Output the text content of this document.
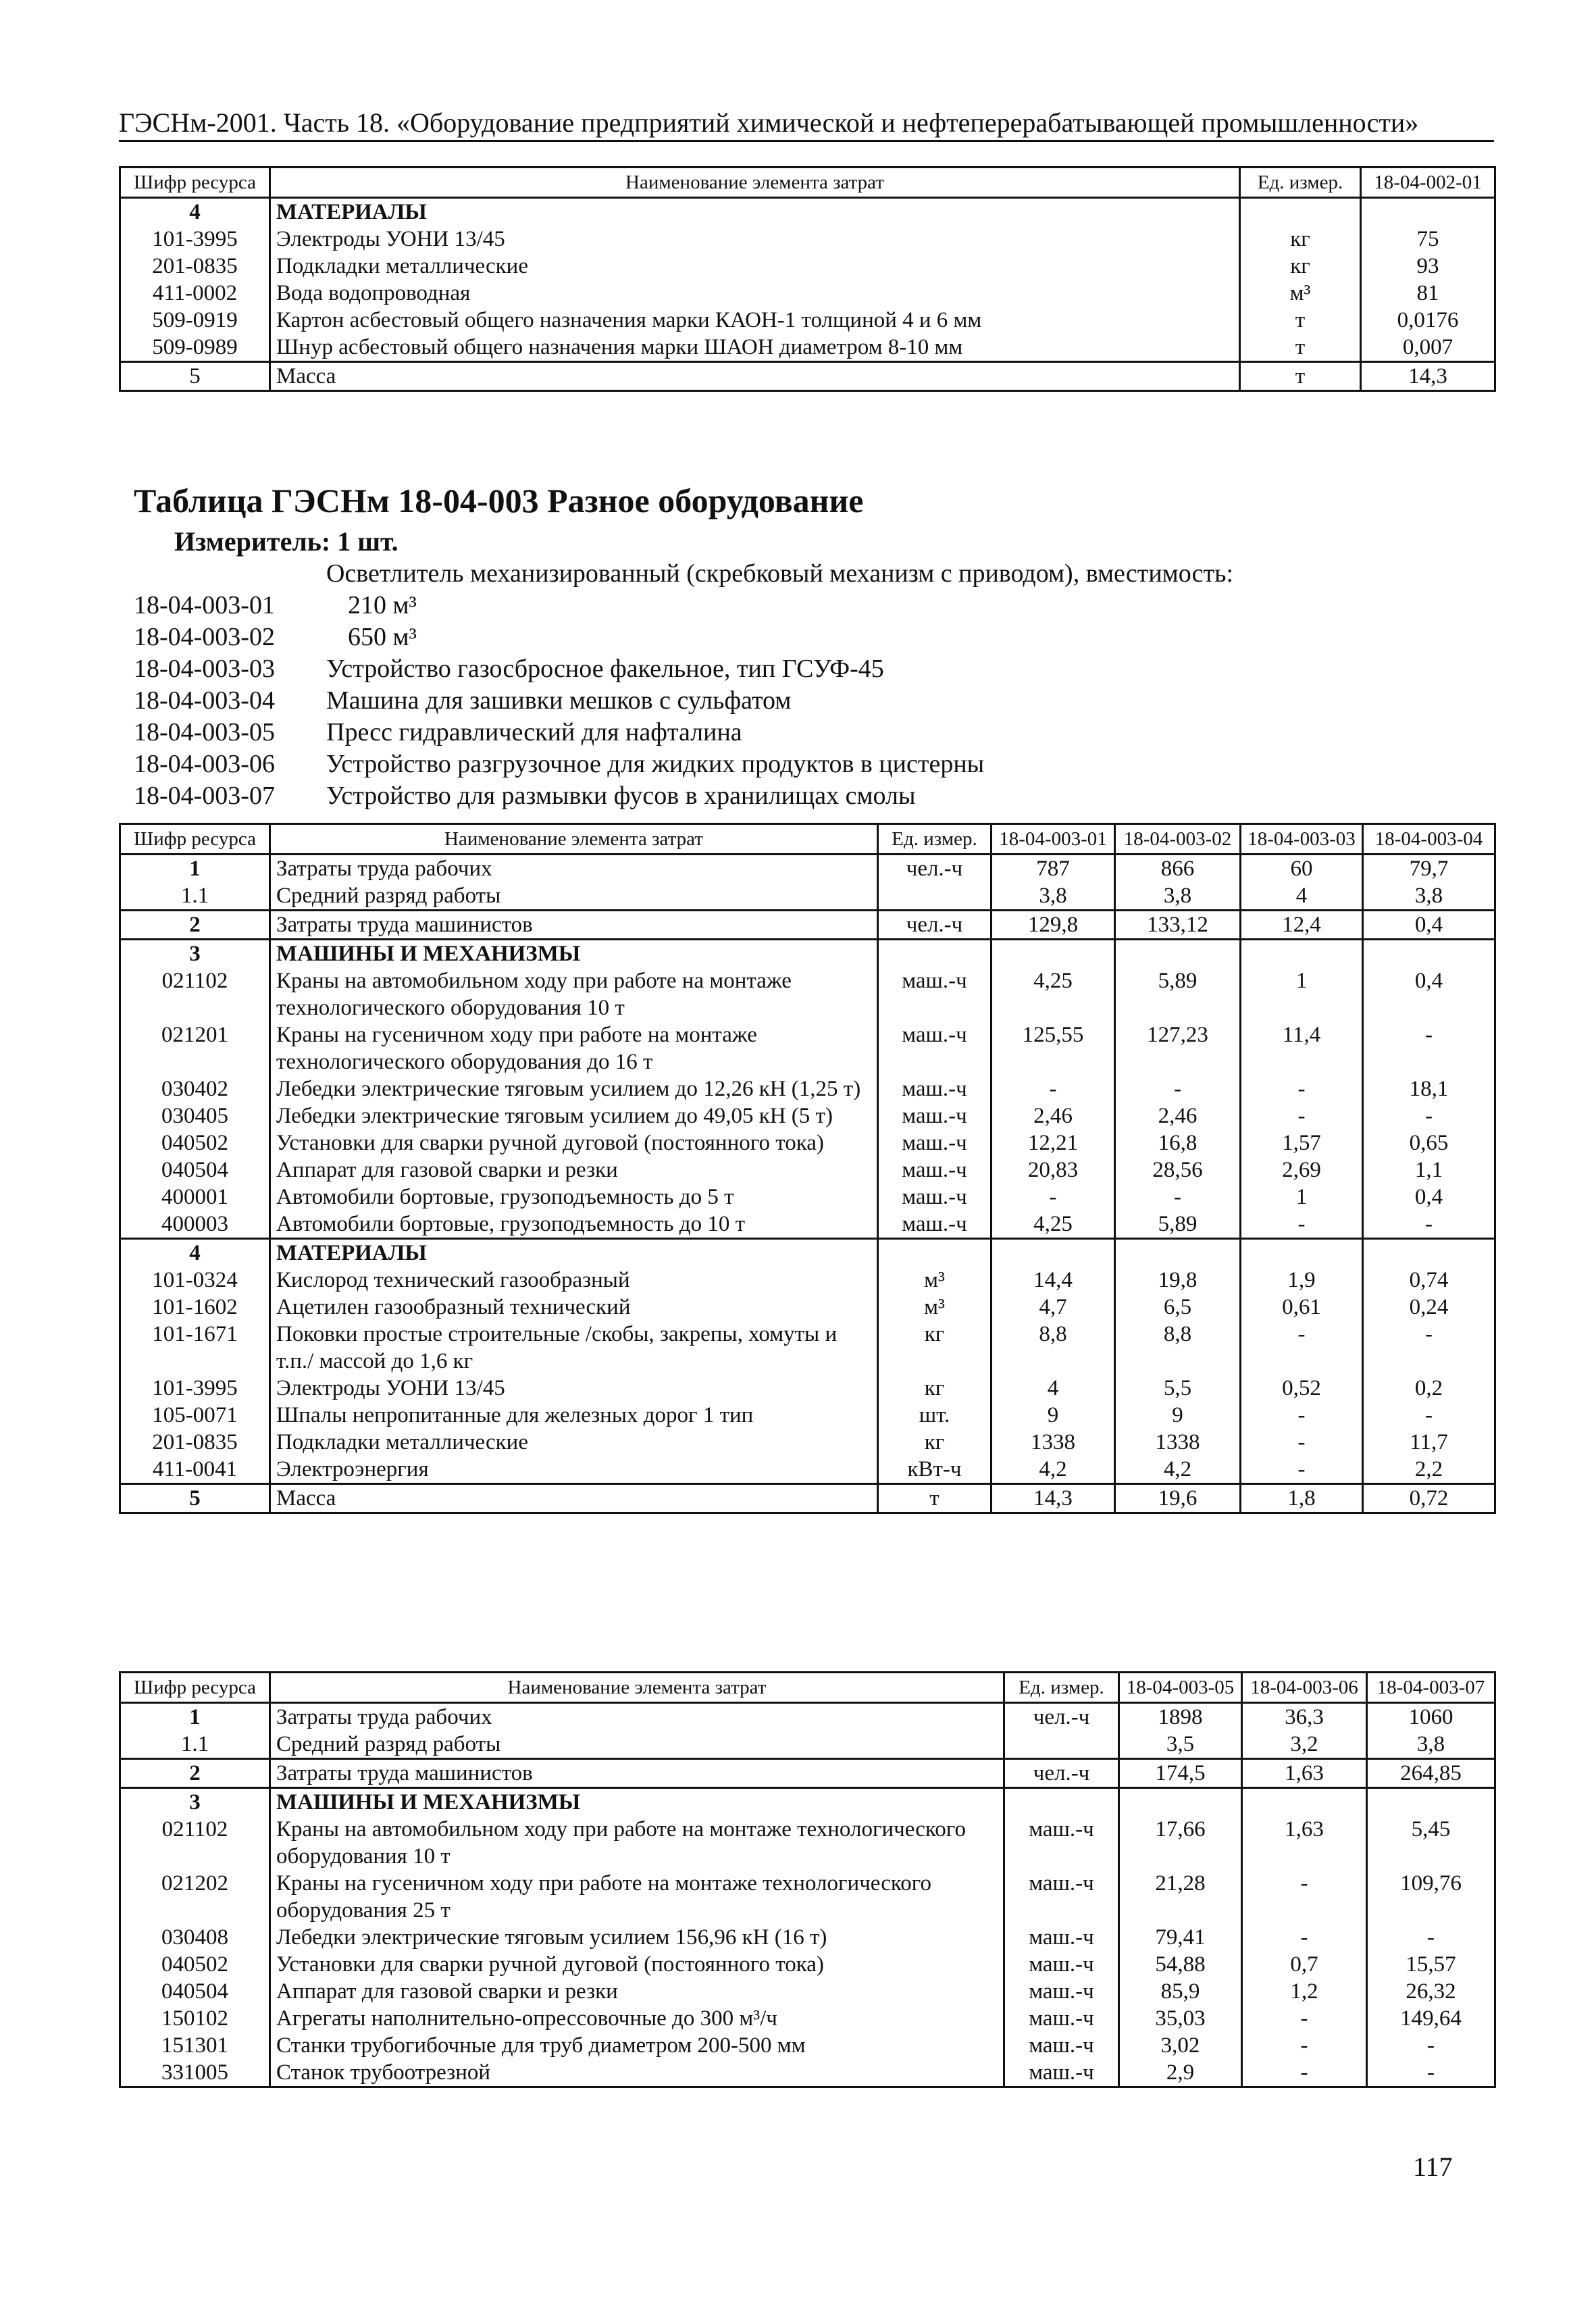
ГЭСНм-2001. Часть 18. «Оборудование предприятий химической и нефтеперерабатывающей промышленности»
Шифр ресурса	Наименование элемента затрат	Ед. измер.	18-04-002-01
4	МАТЕРИАЛЫ		
101-3995	Электроды УОНИ 13/45	кг	75
201-0835	Подкладки металлические	кг	93
411-0002	Вода водопроводная	м³	81
509-0919	Картон асбестовый общего назначения марки КАОН-1 толщиной 4 и 6 мм	т	0,0176
509-0989	Шнур асбестовый общего назначения марки ШАОН диаметром 8-10 мм	т	0,007
5	Масса	т	14,3
Таблица ГЭСНм 18-04-003 Разное оборудование
Измеритель: 1 шт.
Осветлитель механизированный (скребковый механизм с приводом), вместимость:
18-04-003-01	210 м³
18-04-003-02	650 м³
18-04-003-03 Устройство газосбросное факельное, тип ГСУФ-45
18-04-003-04 Машина для зашивки мешков с сульфатом
18-04-003-05 Пресс гидравлический для нафталина
18-04-003-06 Устройство разгрузочное для жидких продуктов в цистерны
18-04-003-07 Устройство для размывки фусов в хранилищах смолы
Шифр ресурса	Наименование элемента затрат	Ед. измер.	18-04-003-01	18-04-003-02	18-04-003-03	18-04-003-04
1	Затраты труда рабочих	чел.-ч	787	866	60	79,7
1.1	Средний разряд работы		3,8	3,8	4	3,8
2	Затраты труда машинистов	чел.-ч	129,8	133,12	12,4	0,4
3	МАШИНЫ И МЕХАНИЗМЫ					
021102	Краны на автомобильном ходу при работе на монтаже технологического оборудования 10 т	маш.-ч	4,25	5,89	1	0,4
021201	Краны на гусеничном ходу при работе на монтаже технологического оборудования до 16 т	маш.-ч	125,55	127,23	11,4	-
030402	Лебедки электрические тяговым усилием до 12,26 кН (1,25 т)	маш.-ч	-	-	-	18,1
030405	Лебедки электрические тяговым усилием до 49,05 кН (5 т)	маш.-ч	2,46	2,46	-	-
040502	Установки для сварки ручной дуговой (постоянного тока)	маш.-ч	12,21	16,8	1,57	0,65
040504	Аппарат для газовой сварки и резки	маш.-ч	20,83	28,56	2,69	1,1
400001	Автомобили бортовые, грузоподъемность до 5 т	маш.-ч	-	-	1	0,4
400003	Автомобили бортовые, грузоподъемность до 10 т	маш.-ч	4,25	5,89	-	-
4	МАТЕРИАЛЫ					
101-0324	Кислород технический газообразный	м³	14,4	19,8	1,9	0,74
101-1602	Ацетилен газообразный технический	м³	4,7	6,5	0,61	0,24
101-1671	Поковки простые строительные /скобы, закрепы, хомуты и т.п./ массой до 1,6 кг	кг	8,8	8,8	-	-
101-3995	Электроды УОНИ 13/45	кг	4	5,5	0,52	0,2
105-0071	Шпалы непропитанные для железных дорог 1 тип	шт.	9	9	-	-
201-0835	Подкладки металлические	кг	1338	1338	-	11,7
411-0041	Электроэнергия	кВт-ч	4,2	4,2	-	2,2
5	Масса	т	14,3	19,6	1,8	0,72
Шифр ресурса	Наименование элемента затрат	Ед. измер.	18-04-003-05	18-04-003-06	18-04-003-07
1	Затраты труда рабочих	чел.-ч	1898	36,3	1060
1.1	Средний разряд работы		3,5	3,2	3,8
2	Затраты труда машинистов	чел.-ч	174,5	1,63	264,85
3	МАШИНЫ И МЕХАНИЗМЫ				
021102	Краны на автомобильном ходу при работе на монтаже технологического оборудования 10 т	маш.-ч	17,66	1,63	5,45
021202	Краны на гусеничном ходу при работе на монтаже технологического оборудования 25 т	маш.-ч	21,28	-	109,76
030408	Лебедки электрические тяговым усилием 156,96 кН (16 т)	маш.-ч	79,41	-	-
040502	Установки для сварки ручной дуговой (постоянного тока)	маш.-ч	54,88	0,7	15,57
040504	Аппарат для газовой сварки и резки	маш.-ч	85,9	1,2	26,32
150102	Агрегаты наполнительно-опрессовочные до 300 м³/ч	маш.-ч	35,03	-	149,64
151301	Станки трубогибочные для труб диаметром 200-500 мм	маш.-ч	3,02	-	-
331005	Станок трубоотрезной	маш.-ч	2,9	-	-
117
